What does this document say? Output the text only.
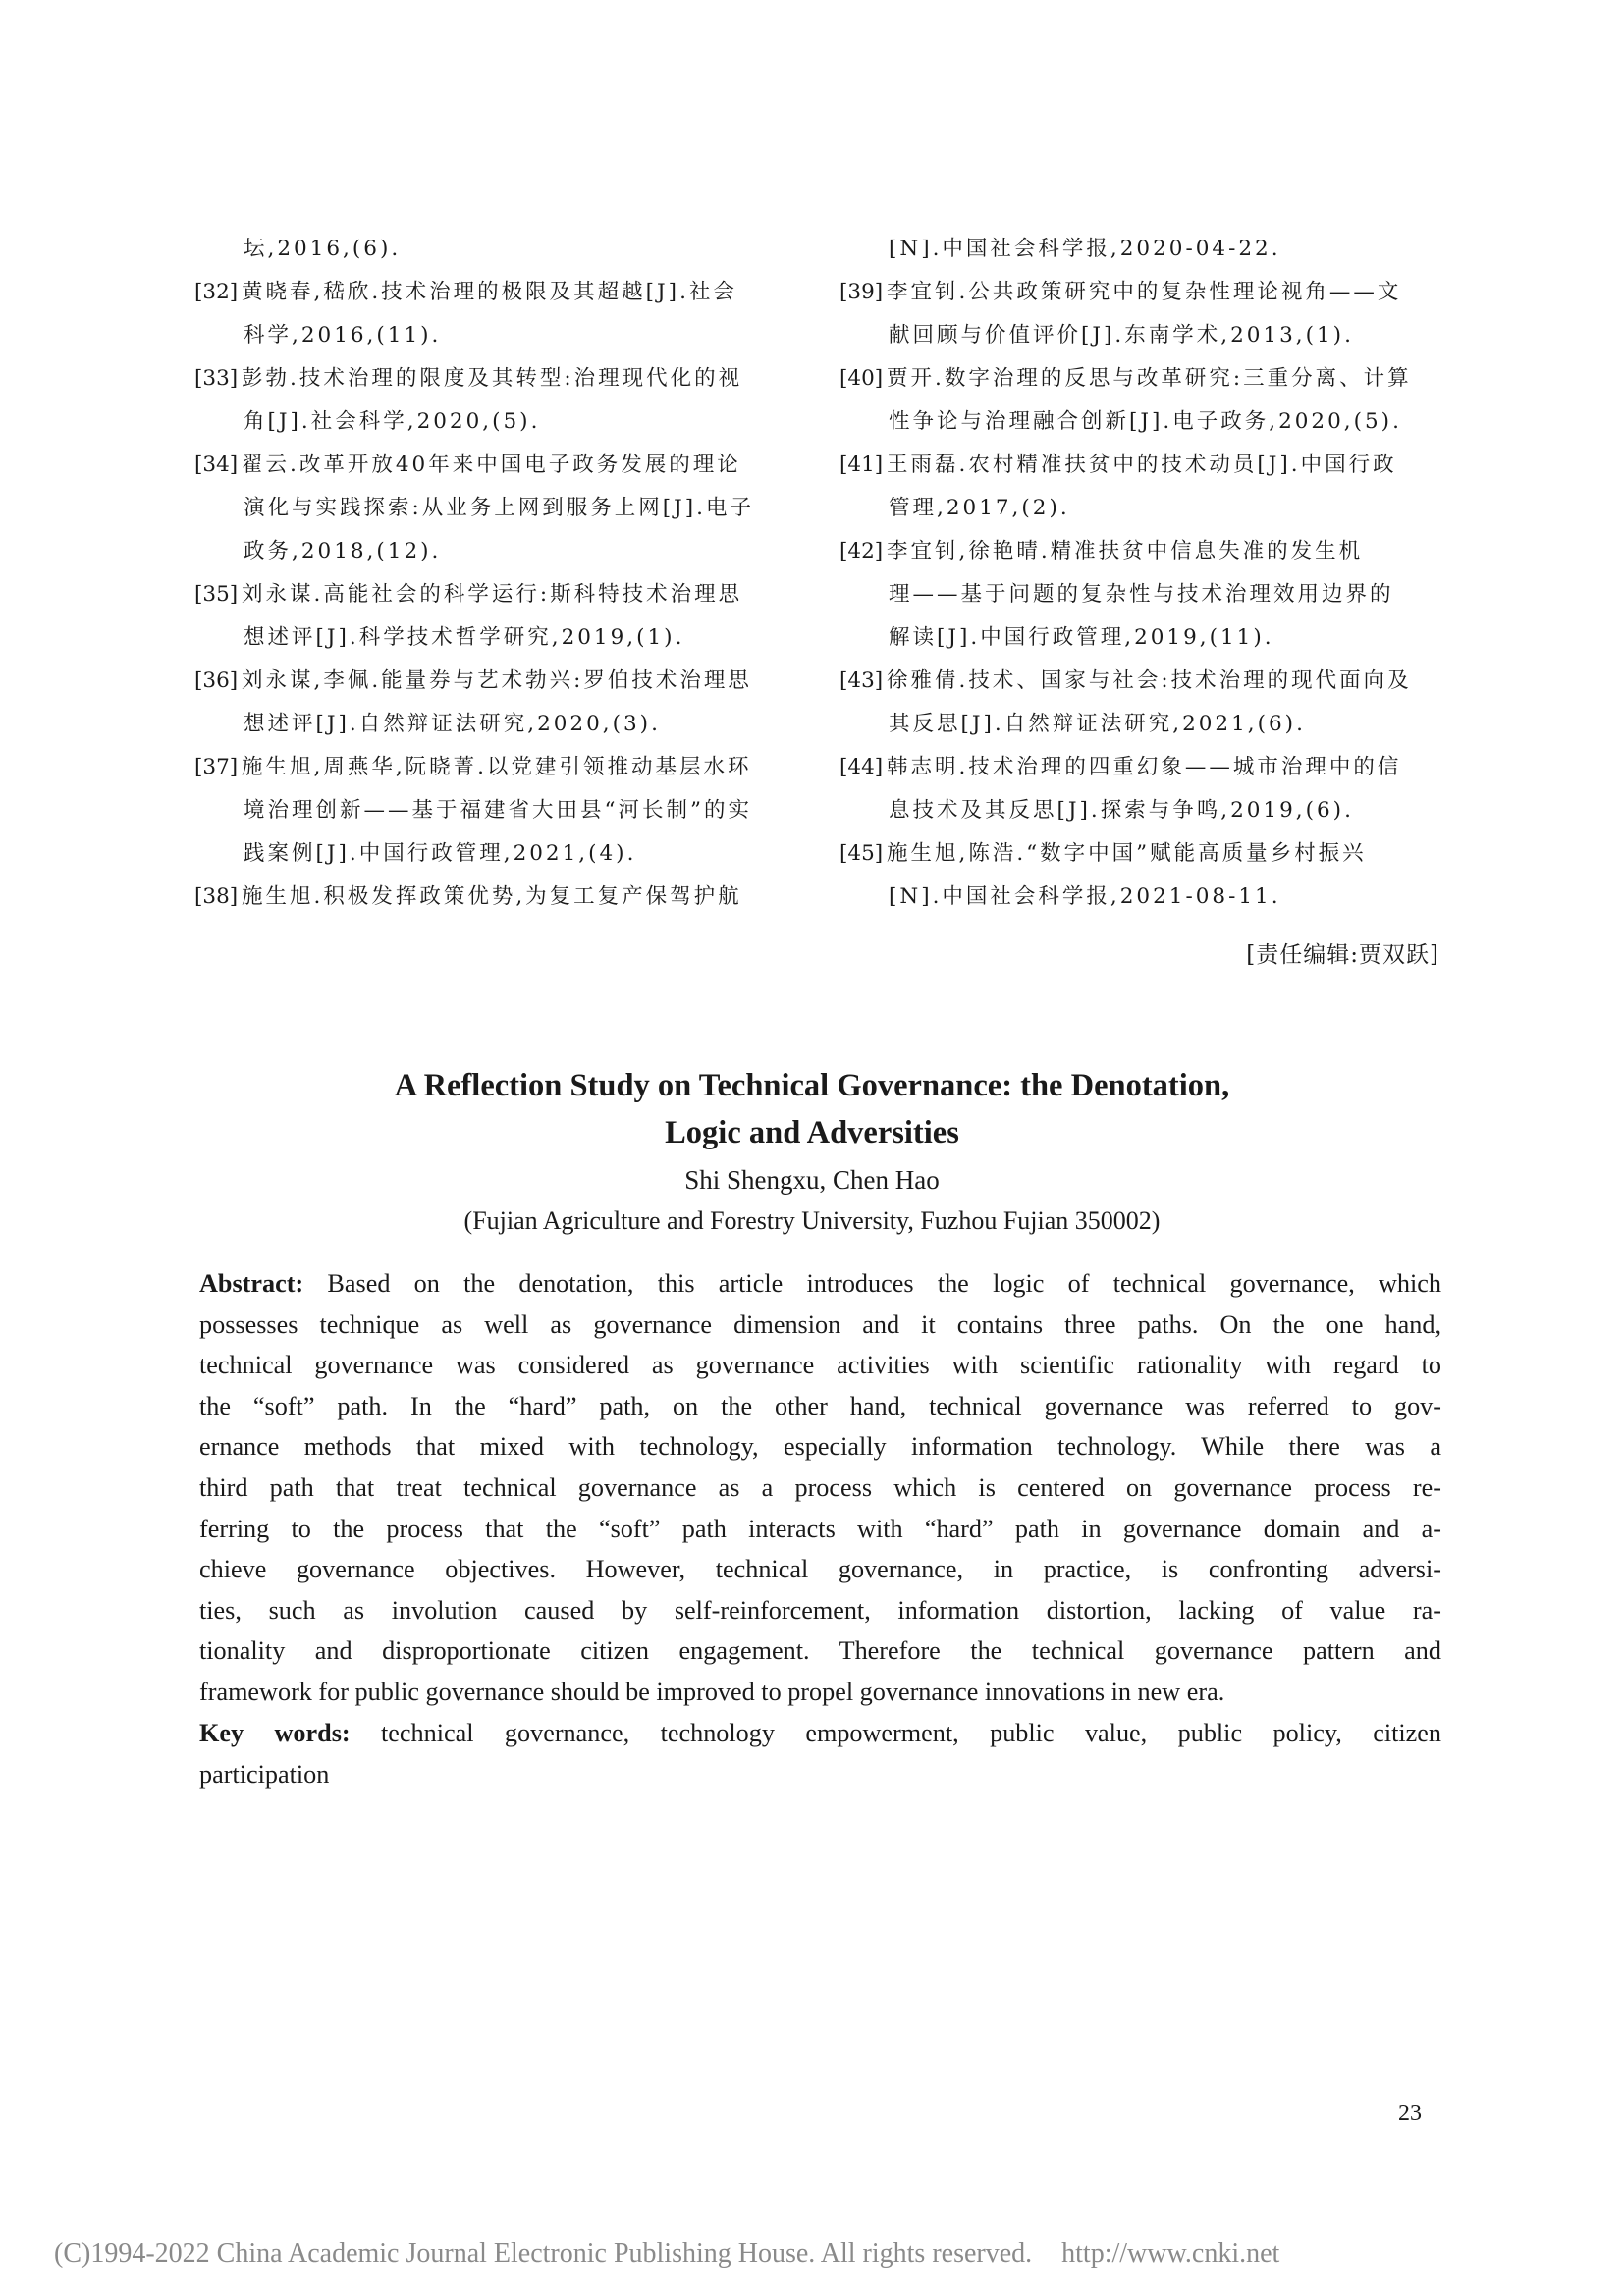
坛,2016,(6).
[32] 黄晓春,嵇欣.技术治理的极限及其超越[J].社会
科学,2016,(11).
[33] 彭勃.技术治理的限度及其转型:治理现代化的视
角[J].社会科学,2020,(5).
[34] 翟云.改革开放40年来中国电子政务发展的理论
演化与实践探索:从业务上网到服务上网[J].电子
政务,2018,(12).
[35] 刘永谋.高能社会的科学运行:斯科特技术治理思
想述评[J].科学技术哲学研究,2019,(1).
[36] 刘永谋,李佩.能量券与艺术勃兴:罗伯技术治理思
想述评[J].自然辩证法研究,2020,(3).
[37] 施生旭,周燕华,阮晓菁.以党建引领推动基层水环
境治理创新——基于福建省大田县“河长制”的实
践案例[J].中国行政管理,2021,(4).
[38] 施生旭.积极发挥政策优势,为复工复产保驾护航
[N].中国社会科学报,2020-04-22.
[39] 李宜钊.公共政策研究中的复杂性理论视角——文
献回顾与价值评价[J].东南学术,2013,(1).
[40] 贾开.数字治理的反思与改革研究:三重分离、计算
性争论与治理融合创新[J].电子政务,2020,(5).
[41] 王雨磊.农村精准扶贫中的技术动员[J].中国行政
管理,2017,(2).
[42] 李宜钊,徐艳晴.精准扶贫中信息失准的发生机
理——基于问题的复杂性与技术治理效用边界的
解读[J].中国行政管理,2019,(11).
[43] 徐雅倩.技术、国家与社会:技术治理的现代面向及
其反思[J].自然辩证法研究,2021,(6).
[44] 韩志明.技术治理的四重幻象——城市治理中的信
息技术及其反思[J].探索与争鸣,2019,(6).
[45] 施生旭,陈浩.“数字中国”赋能高质量乡村振兴
[N].中国社会科学报,2021-08-11.
[责任编辑:贾双跃]
A Reflection Study on Technical Governance: the Denotation,
Logic and Adversities
Shi Shengxu, Chen Hao
(Fujian Agriculture and Forestry University, Fuzhou Fujian 350002)
Abstract: Based on the denotation, this article introduces the logic of technical governance, which
possesses technique as well as governance dimension and it contains three paths. On the one hand,
technical governance was considered as governance activities with scientific rationality with regard to
the “soft” path. In the “hard” path, on the other hand, technical governance was referred to gov-
ernance methods that mixed with technology, especially information technology. While there was a
third path that treat technical governance as a process which is centered on governance process re-
ferring to the process that the “soft” path interacts with “hard” path in governance domain and a-
chieve governance objectives. However, technical governance, in practice, is confronting adversi-
ties, such as involution caused by self-reinforcement, information distortion, lacking of value ra-
tionality and disproportionate citizen engagement. Therefore the technical governance pattern and
framework for public governance should be improved to propel governance innovations in new era.
Key words: technical governance, technology empowerment, public value, public policy, citizen
participation
23
(C)1994-2022 China Academic Journal Electronic Publishing House. All rights reserved. http://www.cnki.net
